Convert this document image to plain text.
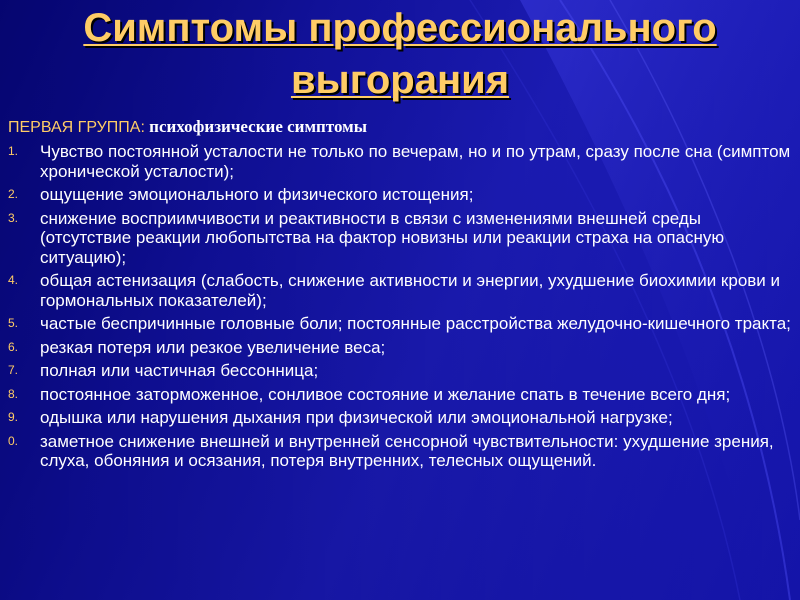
Симптомы профессионального
выгорания
ПЕРВАЯ ГРУППА: психофизические симптомы
1. Чувство постоянной усталости не только по вечерам, но и по утрам, сразу после сна (симптом хронической усталости);
2. ощущение эмоционального и физического истощения;
3. снижение восприимчивости и реактивности в связи с изменениями внешней среды (отсутствие реакции любопытства на фактор новизны или реакции страха на опасную ситуацию);
4. общая астенизация (слабость, снижение активности и энергии, ухудшение биохимии крови и гормональных показателей);
5. частые беспричинные головные боли; постоянные расстройства желудочно-кишечного тракта;
6. резкая потеря или резкое увеличение веса;
7. полная или частичная бессонница;
8. постоянное заторможенное, сонливое состояние и желание спать в течение всего дня;
9. одышка или нарушения дыхания при физической или эмоциональной нагрузке;
0. заметное снижение внешней и внутренней сенсорной чувствительности: ухудшение зрения, слуха, обоняния и осязания, потеря внутренних, телесных ощущений.
